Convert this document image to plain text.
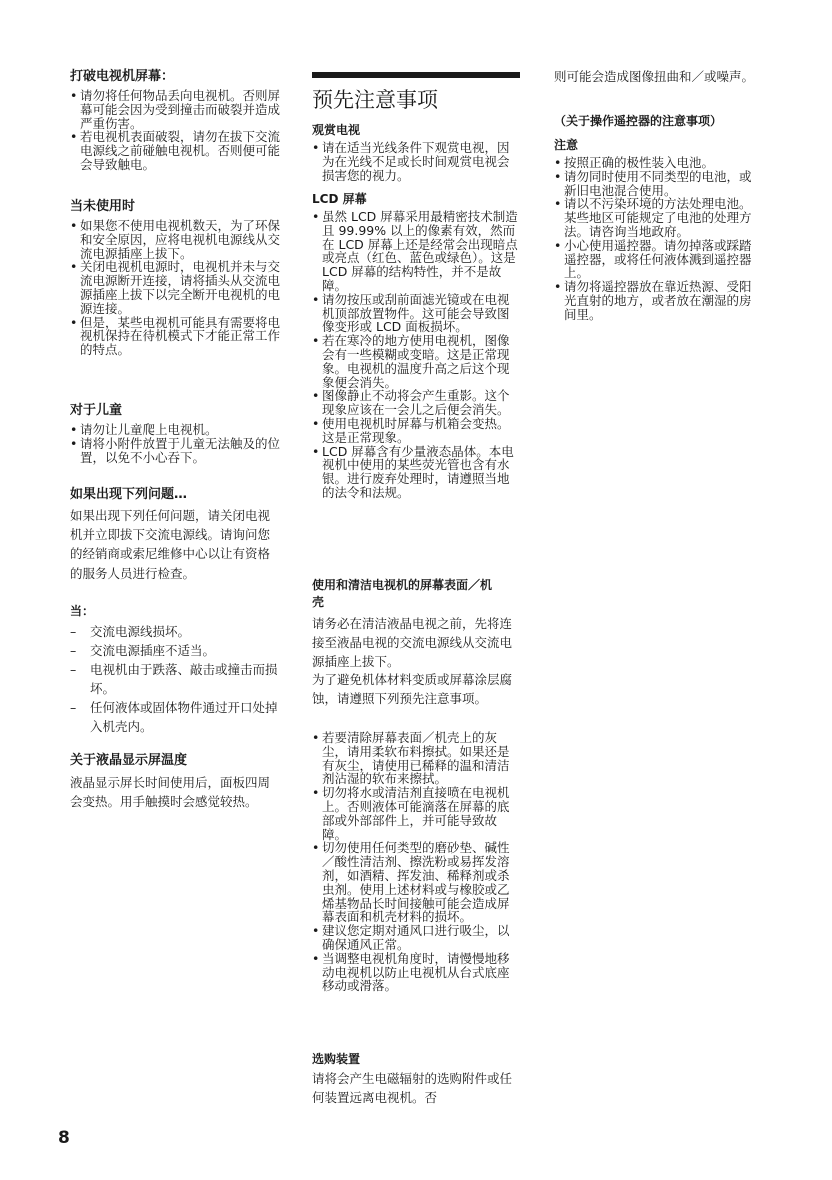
打破电视机屏幕：
• 请勿将任何物品丢向电视机。否则屏幕可能会因为受到撞击而破裂并造成严重伤害。
• 若电视机表面破裂，请勿在拔下交流电源线之前碰触电视机。否则便可能会导致触电。
当未使用时
• 如果您不使用电视机数天，为了环保和安全原因，应将电视机电源线从交流电源插座上拔下。
• 关闭电视机电源时，电视机并未与交流电源断开连接，请将插头从交流电源插座上拔下以完全断开电视机的电源连接。
• 但是，某些电视机可能具有需要将电视机保持在待机模式下才能正常工作的特点。
对于儿童
• 请勿让儿童爬上电视机。
• 请将小附件放置于儿童无法触及的位置，以免不小心吞下。
如果出现下列问题…
如果出现下列任何问题，请关闭电视机并立即拔下交流电源线。请询问您的经销商或索尼维修中心以让有资格的服务人员进行检查。
当：
– 交流电源线损坏。
– 交流电源插座不适当。
– 电视机由于跌落、敲击或撞击而损坏。
– 任何液体或固体物件通过开口处掉入机壳内。
关于液晶显示屏温度
液晶显示屏长时间使用后，面板四周会变热。用手触摸时会感觉较热。
预先注意事项
观赏电视
• 请在适当光线条件下观赏电视，因为在光线不足或长时间观赏电视会损害您的视力。
LCD 屏幕
• 虽然 LCD 屏幕采用最精密技术制造且 99.99% 以上的像素有效，然而在 LCD 屏幕上还是经常会出现暗点或亮点（红色、蓝色或绿色）。这是 LCD 屏幕的结构特性，并不是故障。
• 请勿按压或刮前面滤光镜或在电视机顶部放置物件。这可能会导致图像变形或 LCD 面板损坏。
• 若在寒冷的地方使用电视机，图像会有一些模糊或变暗。这是正常现象。电视机的温度升高之后这个现象便会消失。
• 图像静止不动将会产生重影。这个现象应该在一会儿之后便会消失。
• 使用电视机时屏幕与机箱会变热。这是正常现象。
• LCD 屏幕含有少量液态晶体。本电视机中使用的某些荧光管也含有水银。进行废弃处理时，请遵照当地的法令和法规。
使用和清洁电视机的屏幕表面／机壳
请务必在清洁液晶电视之前，先将连接至液晶电视的交流电源线从交流电源插座上拔下。
为了避免机体材料变质或屏幕涂层腐蚀，请遵照下列预先注意事项。
• 若要清除屏幕表面／机壳上的灰尘，请用柔软布料擦拭。如果还是有灰尘，请使用已稀释的温和清洁剂沾湿的软布来擦拭。
• 切勿将水或清洁剂直接喷在电视机上。否则液体可能滴落在屏幕的底部或外部部件上，并可能导致故障。
• 切勿使用任何类型的磨砂垫、碱性／酸性清洁剂、擦洗粉或易挥发溶剂，如酒精、挥发油、稀释剂或杀虫剂。使用上述材料或与橡胶或乙烯基物品长时间接触可能会造成屏幕表面和机壳材料的损坏。
• 建议您定期对通风口进行吸尘，以确保通风正常。
• 当调整电视机角度时，请慢慢地移动电视机以防止电视机从台式底座移动或滑落。
选购装置
请将会产生电磁辐射的选购附件或任何装置远离电视机。否
则可能会造成图像扭曲和／或噪声。
（关于操作遥控器的注意事项）
注意
• 按照正确的极性装入电池。
• 请勿同时使用不同类型的电池，或新旧电池混合使用。
• 请以不污染环境的方法处理电池。某些地区可能规定了电池的处理方法。请咨询当地政府。
• 小心使用遥控器。请勿掉落或踩踏遥控器，或将任何液体溅到遥控器上。
• 请勿将遥控器放在靠近热源、受阳光直射的地方，或者放在潮湿的房间里。
8
